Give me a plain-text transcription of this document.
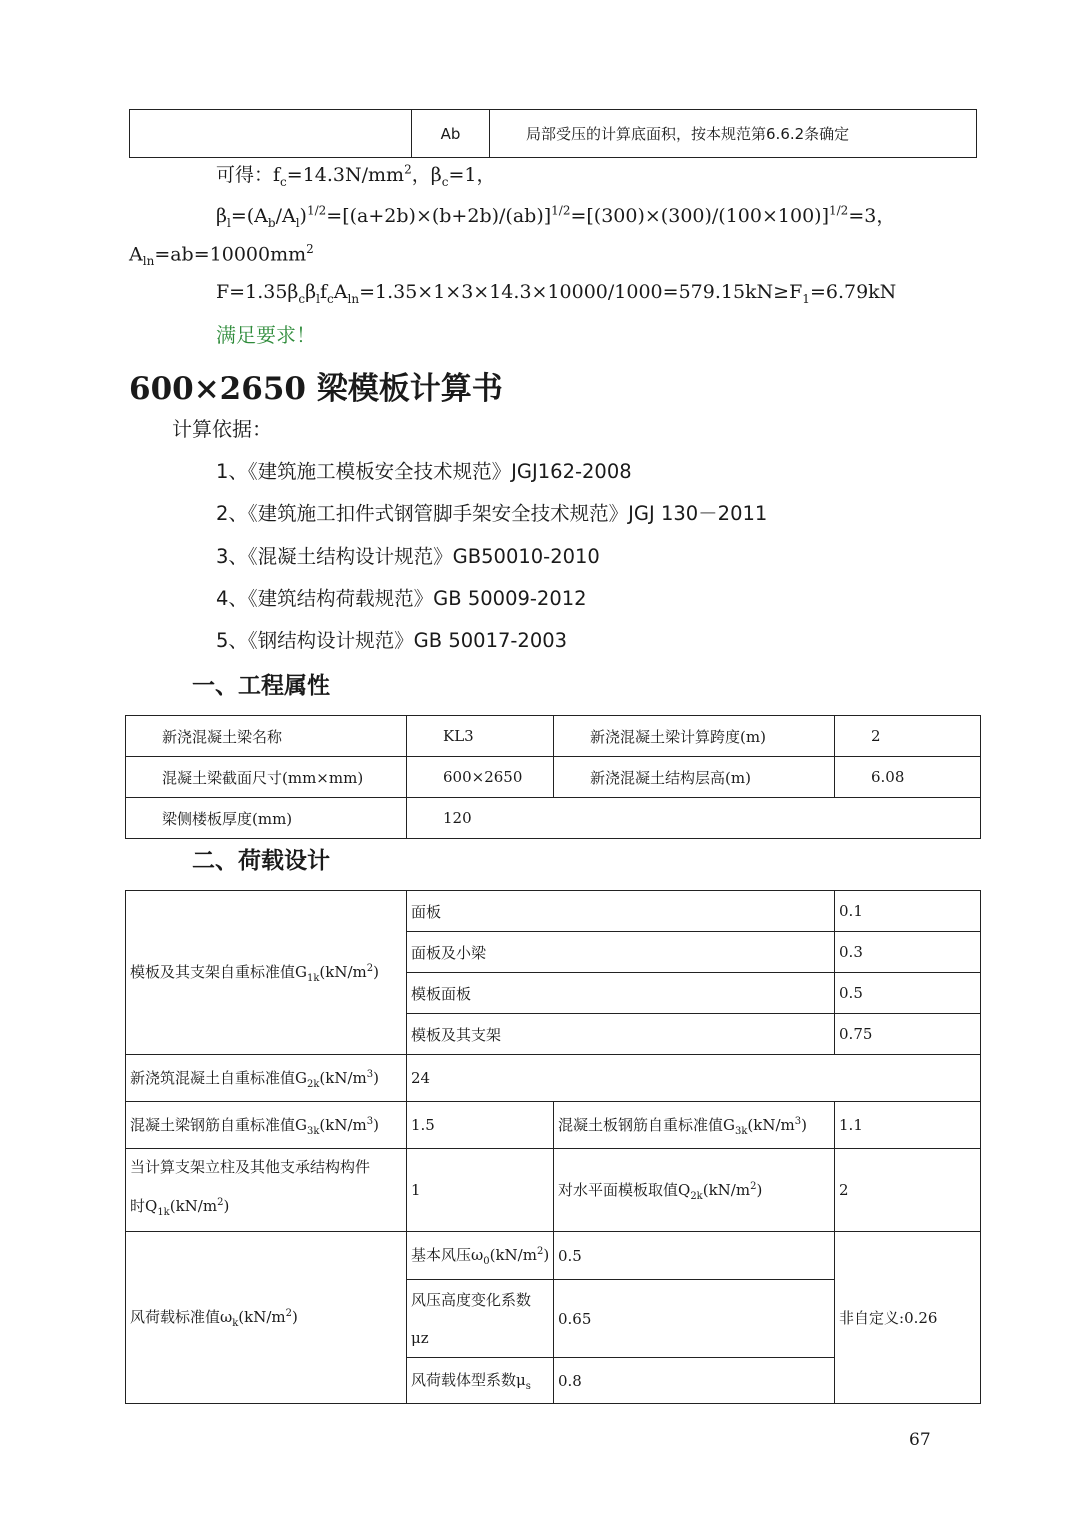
	Ab	局部受压的计算底面积，按本规范第6.6.2条确定
可得：$f_c=14.3N/mm^2$，$\beta_c=1$，
$\beta_l=(A_b/A_l)^{1/2}=[(a+2b)\times(b+2b)/(ab)]^{1/2}=[(300)\times(300)/(100\times 100)]^{1/2}=3$，
$A_{ln}=ab=10000mm^2$
$F=1.35\beta_c\beta_lf_cA_{ln}=1.35\times 1\times 3\times 14.3\times 10000/1000=579.15kN\ge F_1=6.79kN$
满足要求！
600×2650 梁模板计算书
计算依据：
1、《建筑施工模板安全技术规范》JGJ162-2008
2、《建筑施工扣件式钢管脚手架安全技术规范》JGJ 130－2011
3、《混凝土结构设计规范》GB50010-2010
4、《建筑结构荷载规范》GB 50009-2012
5、《钢结构设计规范》GB 50017-2003
一、工程属性
新浇混凝土梁名称	KL3	新浇混凝土梁计算跨度(m)	2
混凝土梁截面尺寸(mm×mm)	600×2650	新浇混凝土结构层高(m)	6.08
梁侧楼板厚度(mm)	120		
二、荷载设计
模板及其支架自重标准值$G_{1k}(kN/m^2)$	面板		0.1
	面板及小梁		0.3
	模板面板		0.5
	模板及其支架		0.75
新浇筑混凝土自重标准值$G_{2k}(kN/m^3)$	24		
混凝土梁钢筋自重标准值$G_{3k}(kN/m^3)$	1.5	混凝土板钢筋自重标准值$G_{3k}(kN/m^3)$	1.1

当计算支架立柱及其他支承结构构件
时$Q_{1k}(kN/m^2)$	1	对水平面模板取值$Q_{2k}(kN/m^2)$	2
风荷载标准值$\omega_k(kN/m^2)$	基本风压$\omega_0(kN/m^2)$	0.5	非自定义:0.26

	风压高度变化系数
μz	0.65	
	风荷载体型系数$\mu_s$	0.8	
67
